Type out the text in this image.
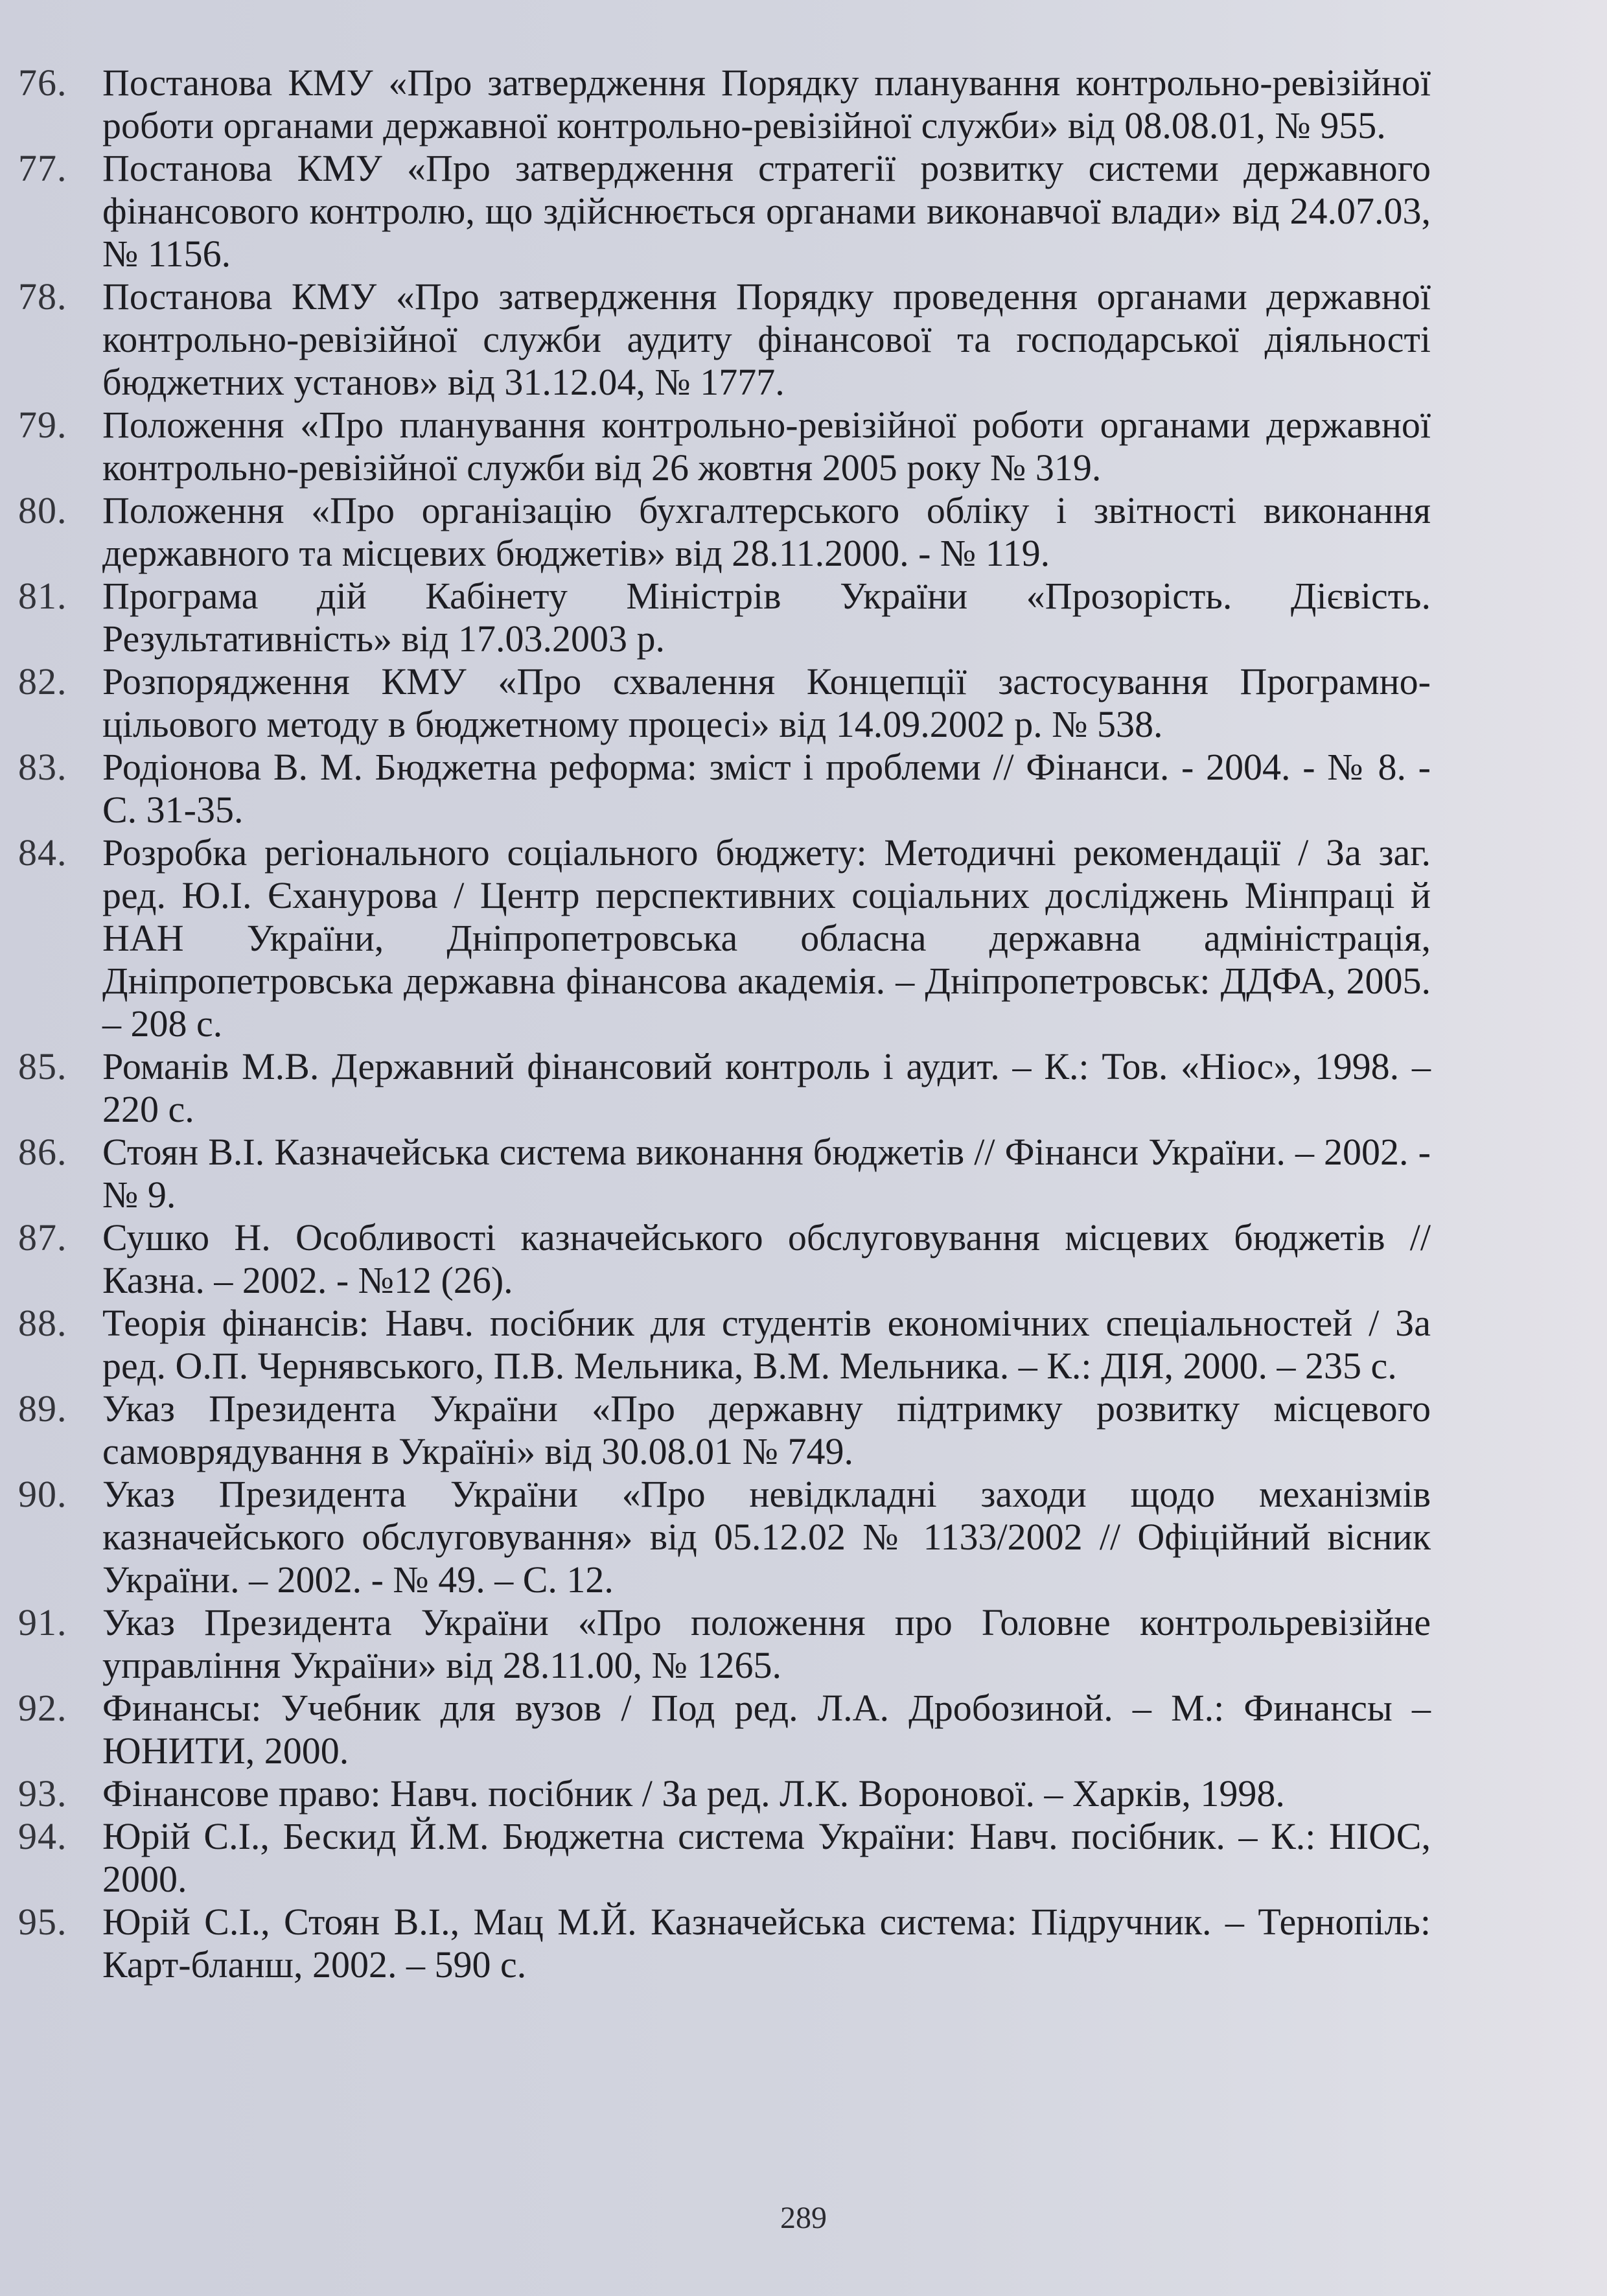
76. Постанова КМУ «Про затвердження Порядку планування контрольно-ревізійної роботи органами державної контрольно-ревізійної служби» від 08.08.01, № 955.
77. Постанова КМУ «Про затвердження стратегії розвитку системи державного фінансового контролю, що здійснюється органами виконавчої влади» від 24.07.03, № 1156.
78. Постанова КМУ «Про затвердження Порядку проведення органами державної контрольно-ревізійної служби аудиту фінансової та господарської діяльності бюджетних установ» від 31.12.04, № 1777.
79. Положення «Про планування контрольно-ревізійної роботи органами державної контрольно-ревізійної служби від 26 жовтня 2005 року № 319.
80. Положення «Про організацію бухгалтерського обліку і звітності виконання державного та місцевих бюджетів» від 28.11.2000. - № 119.
81. Програма дій Кабінету Міністрів України «Прозорість. Дієвість. Результативність» від 17.03.2003 р.
82. Розпорядження КМУ «Про схвалення Концепції застосування Програмно-цільового методу в бюджетному процесі» від 14.09.2002 р. № 538.
83. Родіонова В. М. Бюджетна реформа: зміст і проблеми // Фінанси. - 2004. - № 8. - С. 31-35.
84. Розробка регіонального соціального бюджету: Методичні рекомендації / За заг. ред. Ю.І. Єханурова / Центр перспективних соціальних досліджень Мінпраці й НАН України, Дніпропетровська обласна державна адміністрація, Дніпропетровська державна фінансова академія. – Дніпропетровськ: ДДФА, 2005. – 208 с.
85. Романів М.В. Державний фінансовий контроль і аудит. – К.: Тов. «Ніос», 1998. – 220 с.
86. Стоян В.І. Казначейська система виконання бюджетів // Фінанси України. – 2002. - № 9.
87. Сушко Н. Особливості казначейського обслуговування місцевих бюджетів // Казна. – 2002. - №12 (26).
88. Теорія фінансів: Навч. посібник для студентів економічних спеціальностей / За ред. О.П. Чернявського, П.В. Мельника, В.М. Мельника. – К.: ДІЯ, 2000. – 235 с.
89. Указ Президента України «Про державну підтримку розвитку місцевого самоврядування в Україні» від 30.08.01 № 749.
90. Указ Президента України «Про невідкладні заходи щодо механізмів казначейського обслуговування» від 05.12.02 № 1133/2002 // Офіційний вісник України. – 2002. - № 49. – С. 12.
91. Указ Президента України «Про положення про Головне контрольревізійне управління України» від 28.11.00, № 1265.
92. Финансы: Учебник для вузов / Под ред. Л.А. Дробозиной. – М.: Финансы – ЮНИТИ, 2000.
93. Фінансове право: Навч. посібник / За ред. Л.К. Воронової. – Харків, 1998.
94. Юрій С.І., Бескид Й.М. Бюджетна система України: Навч. посібник. – К.: НІОС, 2000.
95. Юрій С.І., Стоян В.І., Мац М.Й. Казначейська система: Підручник. – Тернопіль: Карт-бланш, 2002. – 590 с.
289
